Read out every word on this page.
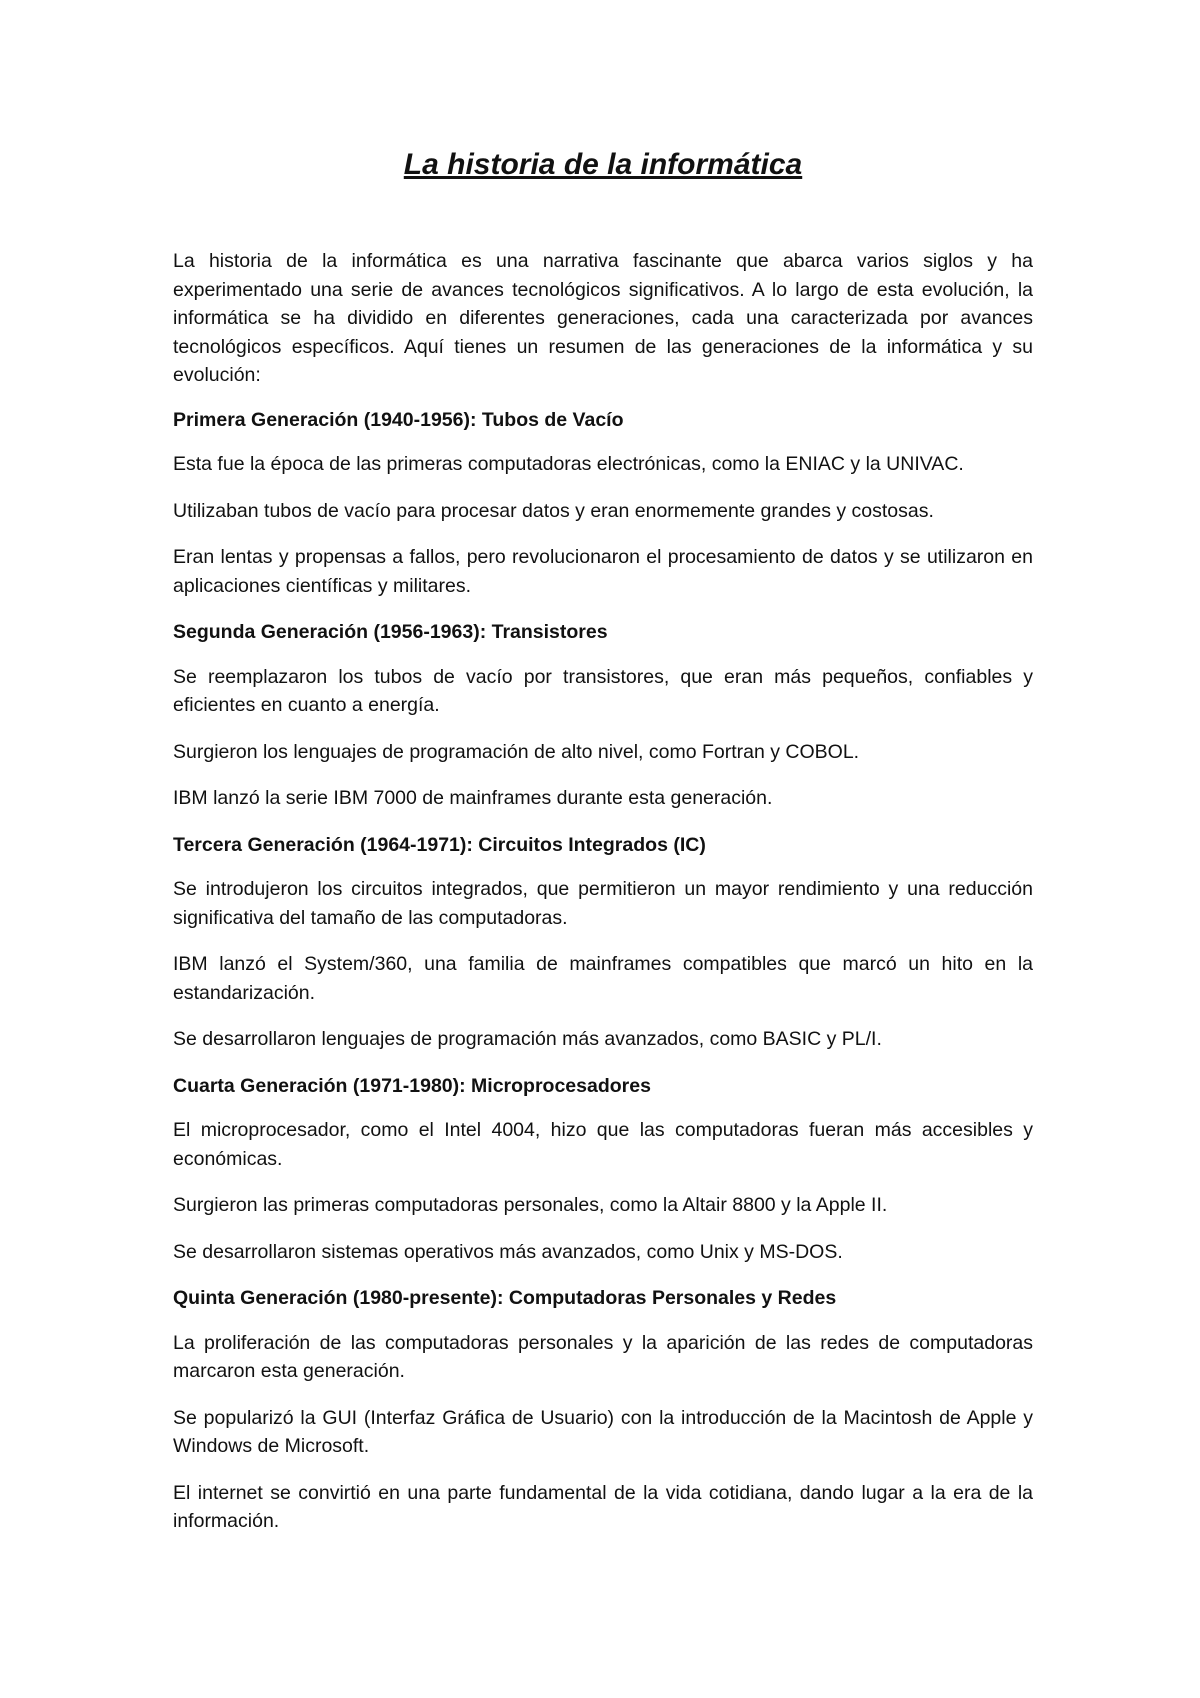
La historia de la informática

La historia de la informática es una narrativa fascinante que abarca varios siglos y ha experimentado una serie de avances tecnológicos significativos. A lo largo de esta evolución, la informática se ha dividido en diferentes generaciones, cada una caracterizada por avances tecnológicos específicos. Aquí tienes un resumen de las generaciones de la informática y su evolución:

Primera Generación (1940-1956): Tubos de Vacío

Esta fue la época de las primeras computadoras electrónicas, como la ENIAC y la UNIVAC.

Utilizaban tubos de vacío para procesar datos y eran enormemente grandes y costosas.

Eran lentas y propensas a fallos, pero revolucionaron el procesamiento de datos y se utilizaron en aplicaciones científicas y militares.

Segunda Generación (1956-1963): Transistores

Se reemplazaron los tubos de vacío por transistores, que eran más pequeños, confiables y eficientes en cuanto a energía.

Surgieron los lenguajes de programación de alto nivel, como Fortran y COBOL.

IBM lanzó la serie IBM 7000 de mainframes durante esta generación.

Tercera Generación (1964-1971): Circuitos Integrados (IC)

Se introdujeron los circuitos integrados, que permitieron un mayor rendimiento y una reducción significativa del tamaño de las computadoras.

IBM lanzó el System/360, una familia de mainframes compatibles que marcó un hito en la estandarización.

Se desarrollaron lenguajes de programación más avanzados, como BASIC y PL/I.

Cuarta Generación (1971-1980): Microprocesadores

El microprocesador, como el Intel 4004, hizo que las computadoras fueran más accesibles y económicas.

Surgieron las primeras computadoras personales, como la Altair 8800 y la Apple II.

Se desarrollaron sistemas operativos más avanzados, como Unix y MS-DOS.

Quinta Generación (1980-presente): Computadoras Personales y Redes

La proliferación de las computadoras personales y la aparición de las redes de computadoras marcaron esta generación.

Se popularizó la GUI (Interfaz Gráfica de Usuario) con la introducción de la Macintosh de Apple y Windows de Microsoft.

El internet se convirtió en una parte fundamental de la vida cotidiana, dando lugar a la era de la información.
